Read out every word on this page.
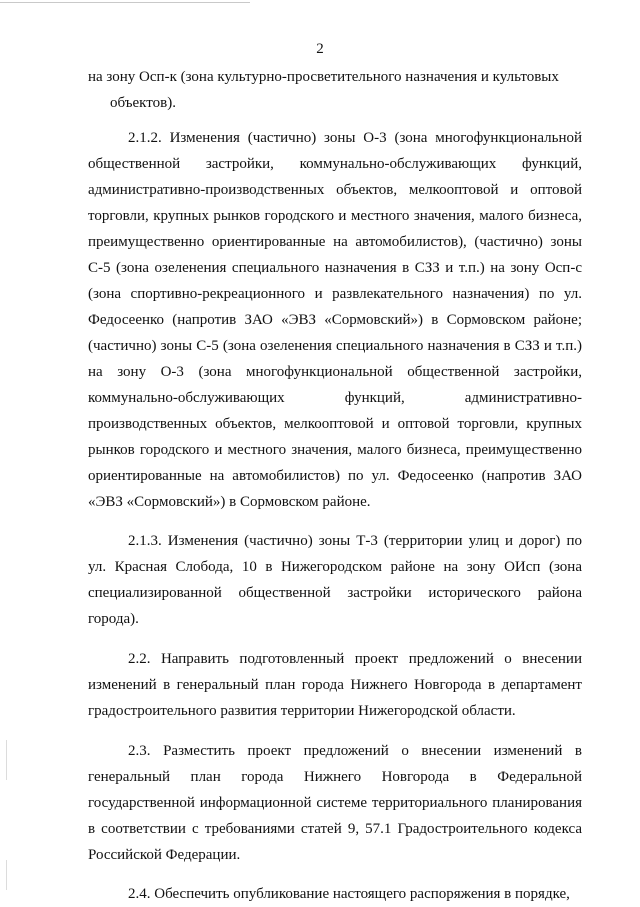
2

на зону Осп-к (зона культурно-просветительного назначения и культовых

объектов).

2.1.2. Изменения (частично) зоны О-3 (зона многофункциональной общественной застройки, коммунально-обслуживающих функций, административно-производственных объектов, мелкооптовой и оптовой торговли, крупных рынков городского и местного значения, малого бизнеса, преимущественно ориентированные на автомобилистов), (частично) зоны С-5 (зона озеленения специального назначения в СЗЗ и т.п.) на зону Осп-с (зона спортивно-рекреационного и развлекательного назначения) по ул. Федосеенко (напротив ЗАО «ЭВЗ «Сормовский») в Сормовском районе; (частично) зоны С-5 (зона озеленения специального назначения в СЗЗ и т.п.) на зону О-3 (зона многофункциональной общественной застройки, коммунально-обслуживающих функций, административно-производственных объектов, мелкооптовой и оптовой торговли, крупных рынков городского и местного значения, малого бизнеса, преимущественно ориентированные на автомобилистов) по ул. Федосеенко (напротив ЗАО «ЭВЗ «Сормовский») в Сормовском районе.

2.1.3. Изменения (частично) зоны Т-3 (территории улиц и дорог) по ул. Красная Слобода, 10 в Нижегородском районе на зону ОИсп (зона специализированной общественной застройки исторического района города).

2.2. Направить подготовленный проект предложений о внесении изменений в генеральный план города Нижнего Новгорода в департамент градостроительного развития территории Нижегородской области.

2.3. Разместить проект предложений о внесении изменений в генеральный план города Нижнего Новгорода в Федеральной государственной информационной системе территориального планирования в соответствии с требованиями статей 9, 57.1 Градостроительного кодекса Российской Федерации.

2.4. Обеспечить опубликование настоящего распоряжения в порядке,
